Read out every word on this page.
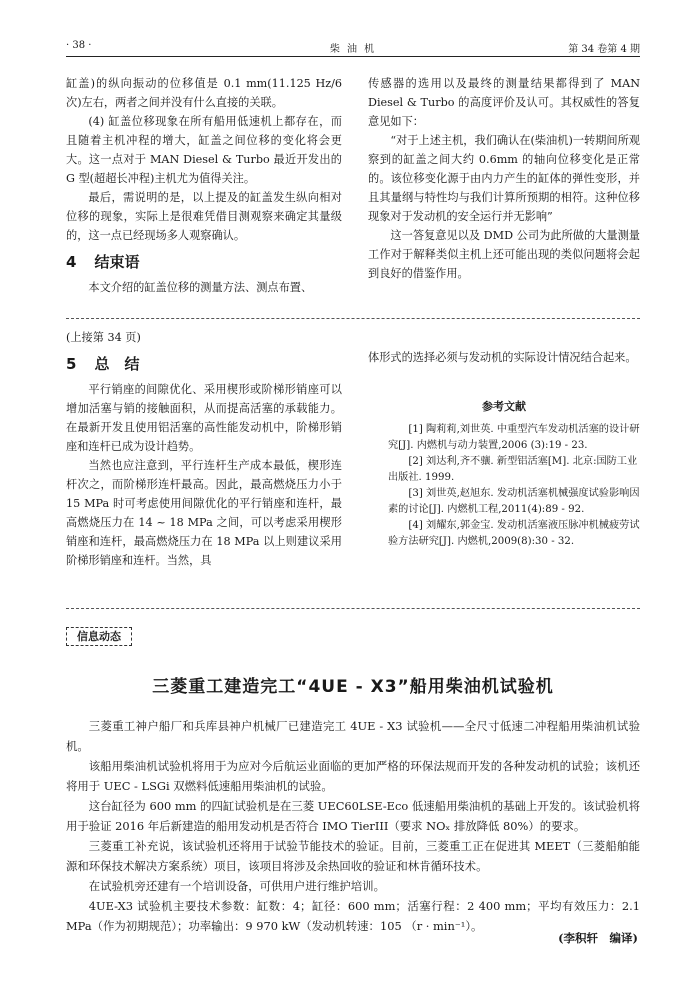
· 38 ·	柴 油 机	第 34 卷第 4 期

缸盖)的纵向振动的位移值是 0.1 mm(11.125 Hz/6 次)左右，两者之间并没有什么直接的关联。

(4) 缸盖位移现象在所有船用低速机上都存在，而且随着主机冲程的增大，缸盖之间位移的变化将会更大。这一点对于 MAN Diesel & Turbo 最近开发出的 G 型(超超长冲程)主机尤为值得关注。

最后，需说明的是，以上提及的缸盖发生纵向相对位移的现象，实际上是很难凭借目测观察来确定其量级的，这一点已经现场多人观察确认。

4 结束语

本文介绍的缸盖位移的测量方法、测点布置、

传感器的选用以及最终的测量结果都得到了 MAN Diesel & Turbo 的高度评价及认可。其权威性的答复意见如下：

“对于上述主机，我们确认在(柴油机)一转期间所观察到的缸盖之间大约 0.6mm 的轴向位移变化是正常的。该位移变化源于由内力产生的缸体的弹性变形，并且其量纲与特性均与我们计算所预期的相符。这种位移现象对于发动机的安全运行并无影响”

这一答复意见以及 DMD 公司为此所做的大量测量工作对于解释类似主机上还可能出现的类似问题将会起到良好的借鉴作用。

(上接第 34 页)

5 总　结

平行销座的间隙优化、采用楔形或阶梯形销座可以增加活塞与销的接触面积，从而提高活塞的承载能力。在最新开发且使用铝活塞的高性能发动机中，阶梯形销座和连杆已成为设计趋势。

当然也应注意到，平行连杆生产成本最低，楔形连杆次之，而阶梯形连杆最高。因此，最高燃烧压力小于 15 MPa 时可考虑使用间隙优化的平行销座和连杆，最高燃烧压力在 14 ~ 18 MPa 之间，可以考虑采用楔形销座和连杆，最高燃烧压力在 18 MPa 以上则建议采用阶梯形销座和连杆。当然，具

体形式的选择必须与发动机的实际设计情况结合起来。

参考文献

[1] 陶莉莉,刘世英. 中重型汽车发动机活塞的设计研究[J]. 内燃机与动力装置,2006 (3):19 - 23.

[2] 刘达利,齐不骧. 新型铝活塞[M]. 北京:国防工业出版社. 1999.

[3] 刘世英,赵旭东. 发动机活塞机械强度试验影响因素的讨论[J]. 内燃机工程,2011(4):89 - 92.

[4] 刘耀东,郭金宝. 发动机活塞液压脉冲机械疲劳试验方法研究[J]. 内燃机,2009(8):30 - 32.

信息动态
三菱重工建造完工“4UE - X3”船用柴油机试验机

三菱重工神户船厂和兵库县神户机械厂已建造完工 4UE - X3 试验机——全尺寸低速二冲程船用柴油机试验机。

该船用柴油机试验机将用于为应对今后航运业面临的更加严格的环保法规而开发的各种发动机的试验；该机还将用于 UEC - LSGi 双燃料低速船用柴油机的试验。

这台缸径为 600 mm 的四缸试验机是在三菱 UEC60LSE-Eco 低速船用柴油机的基础上开发的。该试验机将用于验证 2016 年后新建造的船用发动机是否符合 IMO TierIII（要求 NOₓ 排放降低 80%）的要求。

三菱重工补充说，该试验机还将用于试验节能技术的验证。目前，三菱重工正在促进其 MEET（三菱船舶能源和环保技术解决方案系统）项目，该项目将涉及余热回收的验证和林肯循环技术。

在试验机旁还建有一个培训设备，可供用户进行维护培训。

4UE-X3 试验机主要技术参数：缸数：4；缸径：600 mm；活塞行程：2 400 mm；平均有效压力：2.1 MPa（作为初期规范）；功率输出：9 970 kW（发动机转速：105 （r · min⁻¹）。

(李积轩　编译)
